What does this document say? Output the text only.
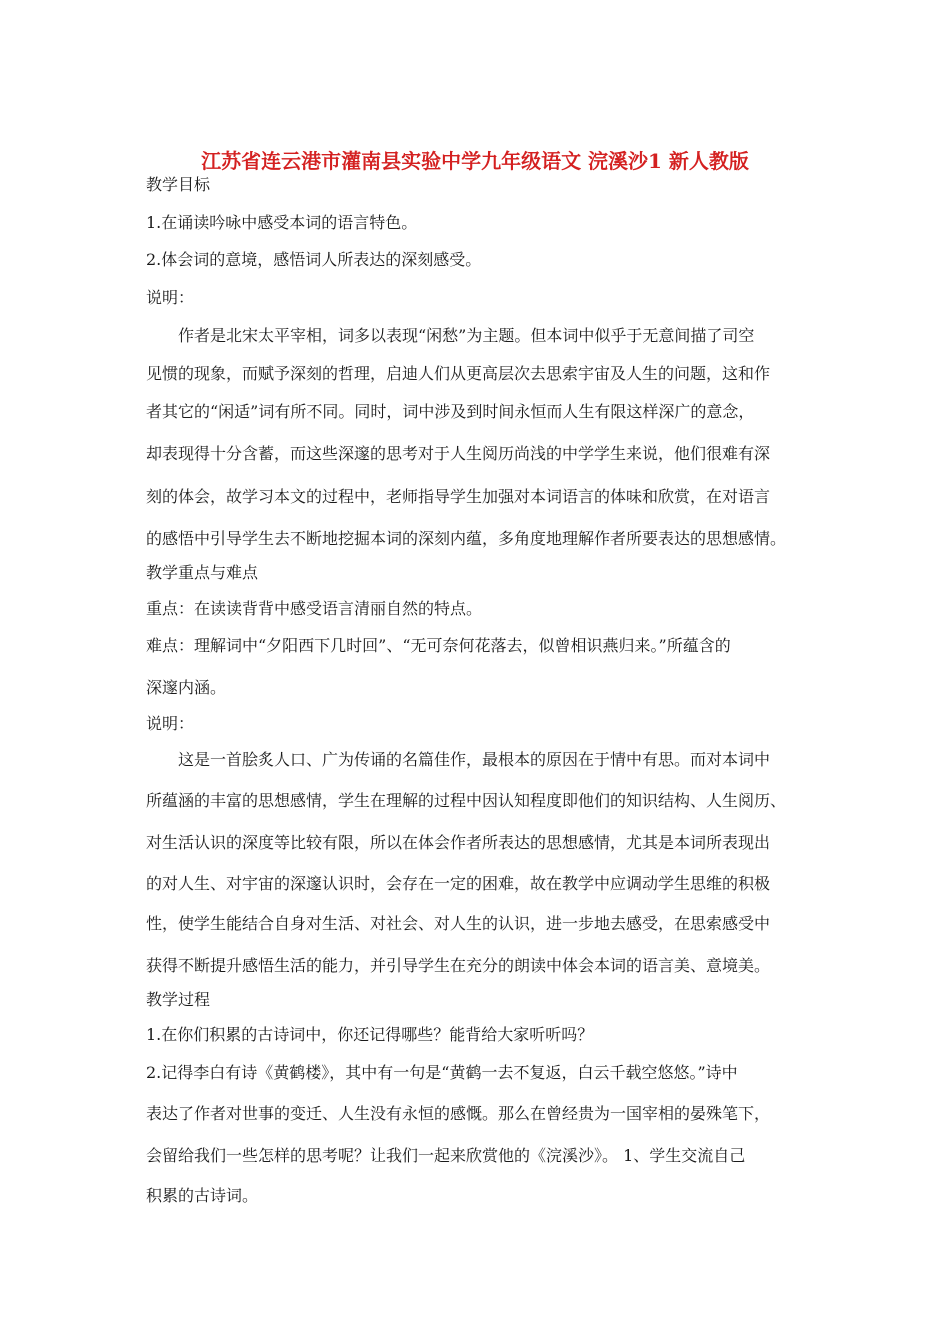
江苏省连云港市灌南县实验中学九年级语文 浣溪沙1 新人教版
教学目标
1.在诵读吟咏中感受本词的语言特色。
2.体会词的意境，感悟词人所表达的深刻感受。
说明：
作者是北宋太平宰相，词多以表现“闲愁”为主题。但本词中似乎于无意间描了司空
见惯的现象，而赋予深刻的哲理，启迪人们从更高层次去思索宇宙及人生的问题，这和作
者其它的“闲适”词有所不同。同时，词中涉及到时间永恒而人生有限这样深广的意念，
却表现得十分含蓄，而这些深邃的思考对于人生阅历尚浅的中学学生来说，他们很难有深
刻的体会，故学习本文的过程中，老师指导学生加强对本词语言的体味和欣赏，在对语言
的感悟中引导学生去不断地挖掘本词的深刻内蕴，多角度地理解作者所要表达的思想感情。
教学重点与难点
重点：在读读背背中感受语言清丽自然的特点。
难点：理解词中“夕阳西下几时回”、“无可奈何花落去，似曾相识燕归来。”所蕴含的
深邃内涵。
说明：
这是一首脍炙人口、广为传诵的名篇佳作，最根本的原因在于情中有思。而对本词中
所蕴涵的丰富的思想感情，学生在理解的过程中因认知程度即他们的知识结构、人生阅历、
对生活认识的深度等比较有限，所以在体会作者所表达的思想感情，尤其是本词所表现出
的对人生、对宇宙的深邃认识时，会存在一定的困难，故在教学中应调动学生思维的积极
性，使学生能结合自身对生活、对社会、对人生的认识，进一步地去感受，在思索感受中
获得不断提升感悟生活的能力，并引导学生在充分的朗读中体会本词的语言美、意境美。
教学过程
1.在你们积累的古诗词中，你还记得哪些？能背给大家听听吗？
2.记得李白有诗《黄鹤楼》，其中有一句是“黄鹤一去不复返，白云千载空悠悠。”诗中
表达了作者对世事的变迁、人生没有永恒的感慨。那么在曾经贵为一国宰相的晏殊笔下，
会留给我们一些怎样的思考呢？让我们一起来欣赏他的《浣溪沙》。 1、学生交流自己
积累的古诗词。
